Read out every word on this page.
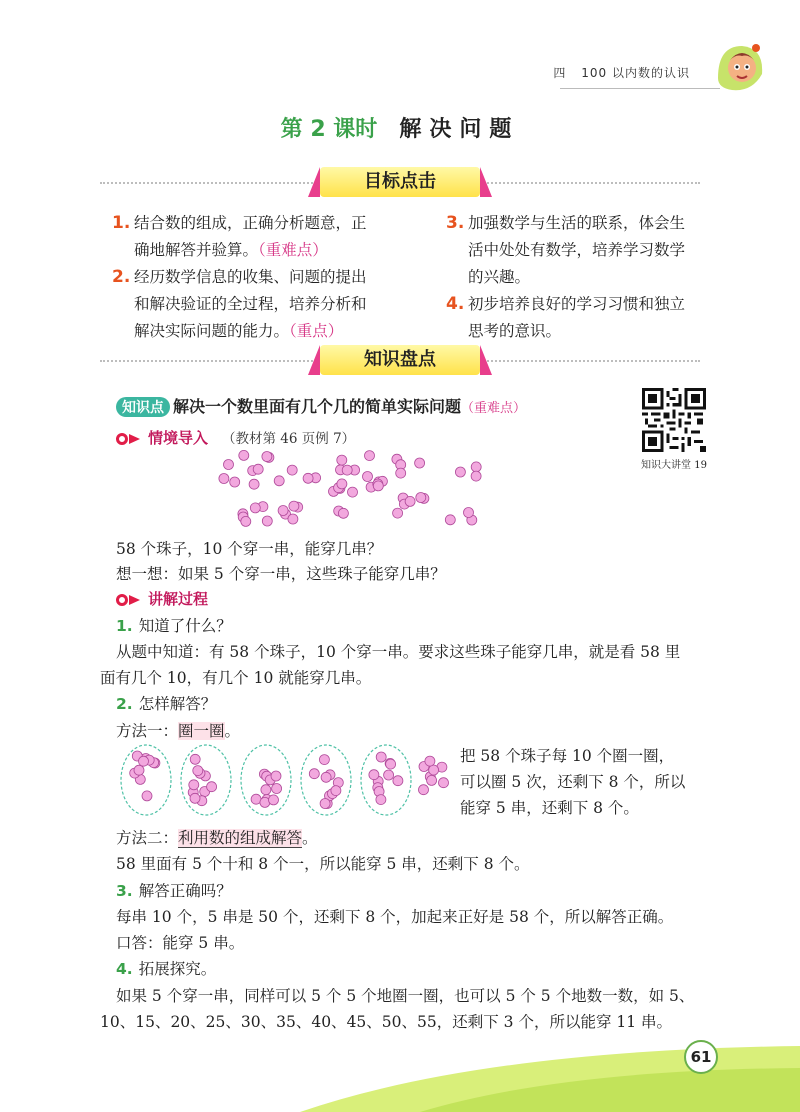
四 100 以内数的认识
第 2 课时 解决问题
目标点击
1. 结合数的组成，正确分析题意，正
确地解答并验算。（重难点）
2. 经历数学信息的收集、问题的提出
和解决验证的全过程，培养分析和
解决实际问题的能力。（重点）
3. 加强数学与生活的联系，体会生
活中处处有数学，培养学习数学
的兴趣。
4. 初步培养良好的学习习惯和独立
思考的意识。
知识盘点
知识点 解决一个数里面有几个几的简单实际问题（重难点）
知识大讲堂 19
情境导入 （教材第 46 页例 7）
58 个珠子，10 个穿一串，能穿几串？
想一想：如果 5 个穿一串，这些珠子能穿几串？
讲解过程
1. 知道了什么？
从题中知道：有 58 个珠子，10 个穿一串。要求这些珠子能穿几串，就是看 58 里
面有几个 10，有几个 10 就能穿几串。
2. 怎样解答？
方法一：圈一圈。
把 58 个珠子每 10 个圈一圈，
可以圈 5 次，还剩下 8 个，所以
能穿 5 串，还剩下 8 个。
方法二：利用数的组成解答。
58 里面有 5 个十和 8 个一，所以能穿 5 串，还剩下 8 个。
3. 解答正确吗？
每串 10 个，5 串是 50 个，还剩下 8 个，加起来正好是 58 个，所以解答正确。
口答：能穿 5 串。
4. 拓展探究。
如果 5 个穿一串，同样可以 5 个 5 个地圈一圈，也可以 5 个 5 个地数一数，如 5、
10、15、20、25、30、35、40、45、50、55，还剩下 3 个，所以能穿 11 串。
61
